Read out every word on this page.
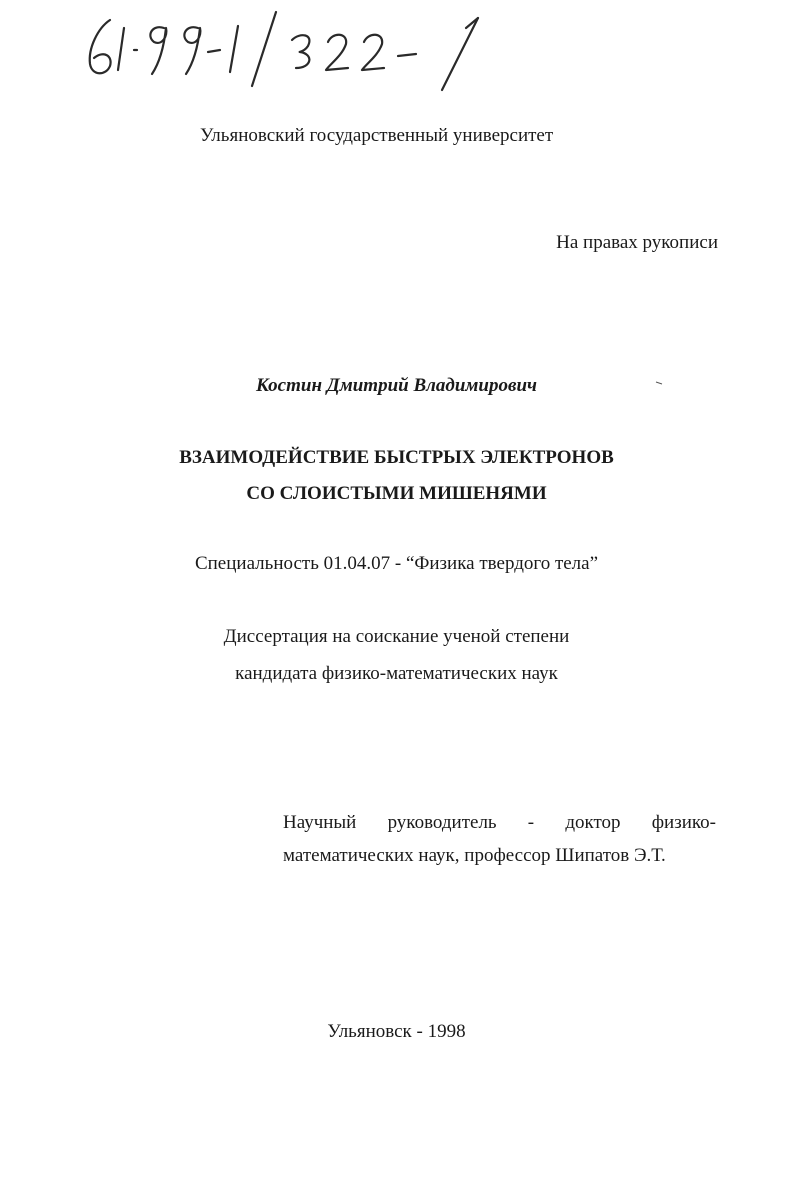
Ульяновский государственный университет
На правах рукописи
Костин Дмитрий Владимирович
ВЗАИМОДЕЙСТВИЕ БЫСТРЫХ ЭЛЕКТРОНОВ
СО СЛОИСТЫМИ МИШЕНЯМИ
Специальность 01.04.07 - “Физика твердого тела”
Диссертация на соискание ученой степени
кандидата физико-математических наук
Научный руководитель - доктор физико-
математических наук, профессор Шипатов Э.Т.
Ульяновск - 1998
